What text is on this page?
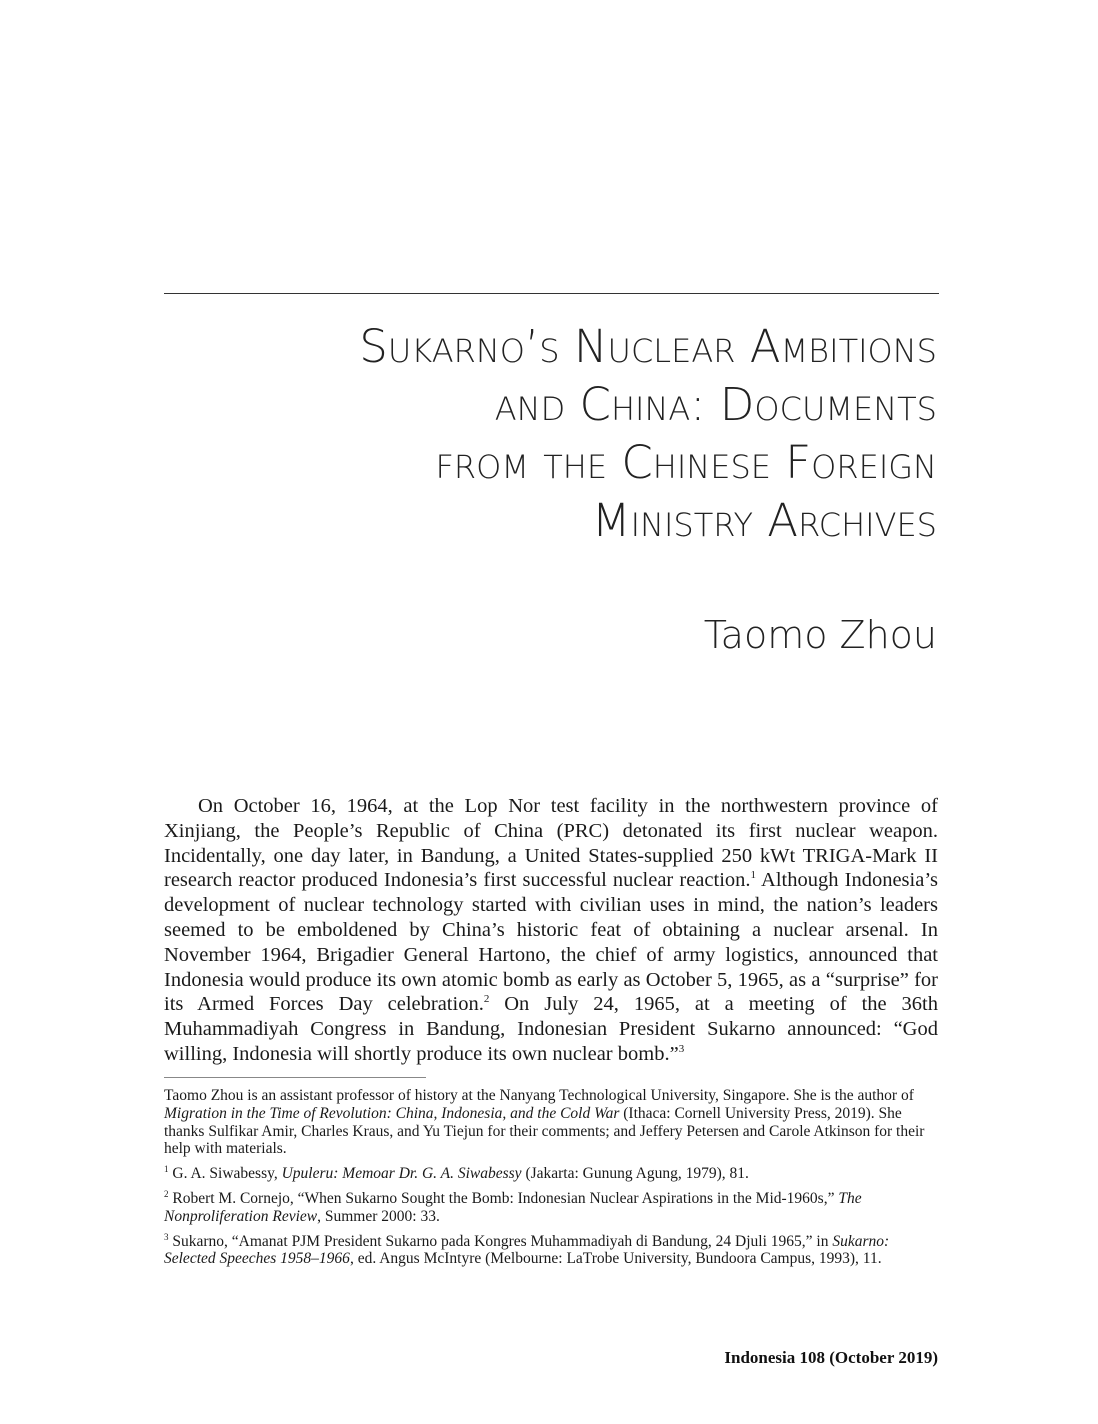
Sukarno’s Nuclear Ambitions
and China: Documents
from the Chinese Foreign
Ministry Archives
Taomo Zhou

On October 16, 1964, at the Lop Nor test facility in the northwestern province of Xinjiang, the People’s Republic of China (PRC) detonated its first nuclear weapon. Incidentally, one day later, in Bandung, a United States-supplied 250 kWt TRIGA-Mark II research reactor produced Indonesia’s first successful nuclear reaction.$^1$ Although Indonesia’s development of nuclear technology started with civilian uses in mind, the nation’s leaders seemed to be emboldened by China’s historic feat of obtaining a nuclear arsenal. In November 1964, Brigadier General Hartono, the chief of army logistics, announced that Indonesia would produce its own atomic bomb as early as October 5, 1965, as a “surprise” for its Armed Forces Day celebration.$^2$ On July 24, 1965, at a meeting of the 36th Muhammadiyah Congress in Bandung, Indonesian President Sukarno announced: “God willing, Indonesia will shortly produce its own nuclear bomb.”$^3$

Taomo Zhou is an assistant professor of history at the Nanyang Technological University, Singapore. She is the author of Migration in the Time of Revolution: China, Indonesia, and the Cold War (Ithaca: Cornell University Press, 2019). She thanks Sulfikar Amir, Charles Kraus, and Yu Tiejun for their comments; and Jeffery Petersen and Carole Atkinson for their help with materials.

$^1$ G. A. Siwabessy, Upuleru: Memoar Dr. G. A. Siwabessy (Jakarta: Gunung Agung, 1979), 81.

$^2$ Robert M. Cornejo, “When Sukarno Sought the Bomb: Indonesian Nuclear Aspirations in the Mid-1960s,” The Nonproliferation Review, Summer 2000: 33.

$^3$ Sukarno, “Amanat PJM President Sukarno pada Kongres Muhammadiyah di Bandung, 24 Djuli 1965,” in Sukarno: Selected Speeches 1958–1966, ed. Angus McIntyre (Melbourne: LaTrobe University, Bundoora Campus, 1993), 11.

Indonesia 108 (October 2019)
